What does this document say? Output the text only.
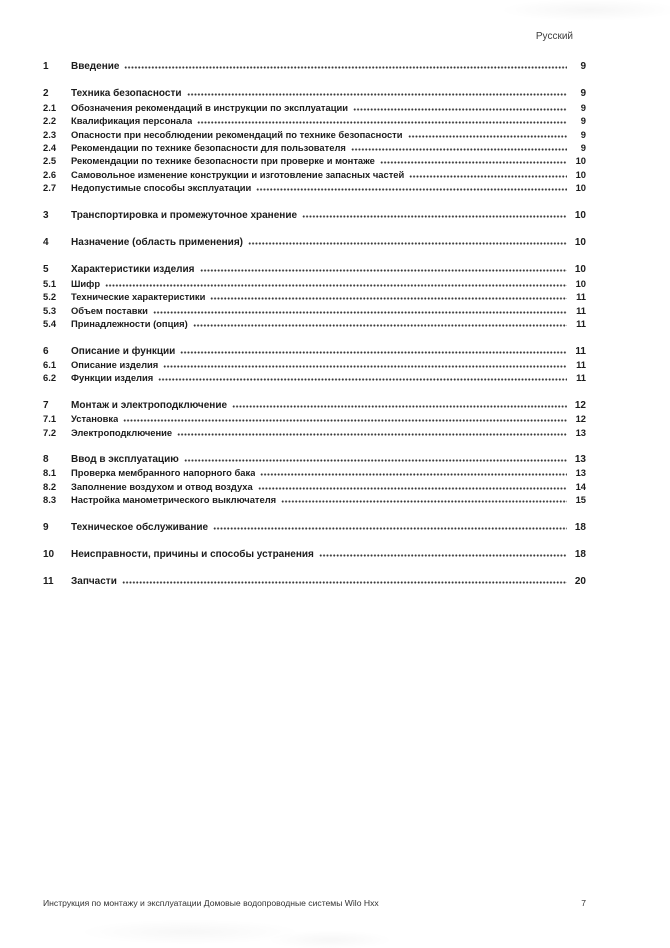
Русский
1	Введение	9
2	Техника безопасности	9
2.1	Обозначения рекомендаций в инструкции по эксплуатации	9
2.2	Квалификация персонала	9
2.3	Опасности при несоблюдении рекомендаций по технике безопасности	9
2.4	Рекомендации по технике безопасности для пользователя	9
2.5	Рекомендации по технике безопасности при проверке и монтаже	10
2.6	Самовольное изменение конструкции и изготовление запасных частей	10
2.7	Недопустимые способы эксплуатации	10
3	Транспортировка и промежуточное хранение	10
4	Назначение (область применения)	10
5	Характеристики изделия	10
5.1	Шифр	10
5.2	Технические характеристики	11
5.3	Объем поставки	11
5.4	Принадлежности (опция)	11
6	Описание и функции	11
6.1	Описание изделия	11
6.2	Функции изделия	11
7	Монтаж и электроподключение	12
7.1	Установка	12
7.2	Электроподключение	13
8	Ввод в эксплуатацию	13
8.1	Проверка мембранного напорного бака	13
8.2	Заполнение воздухом и отвод воздуха	14
8.3	Настройка манометрического выключателя	15
9	Техническое обслуживание	18
10	Неисправности, причины и способы устранения	18
11	Запчасти	20
Инструкция по монтажу и эксплуатации Домовые водопроводные системы Wilo Hxx	7
